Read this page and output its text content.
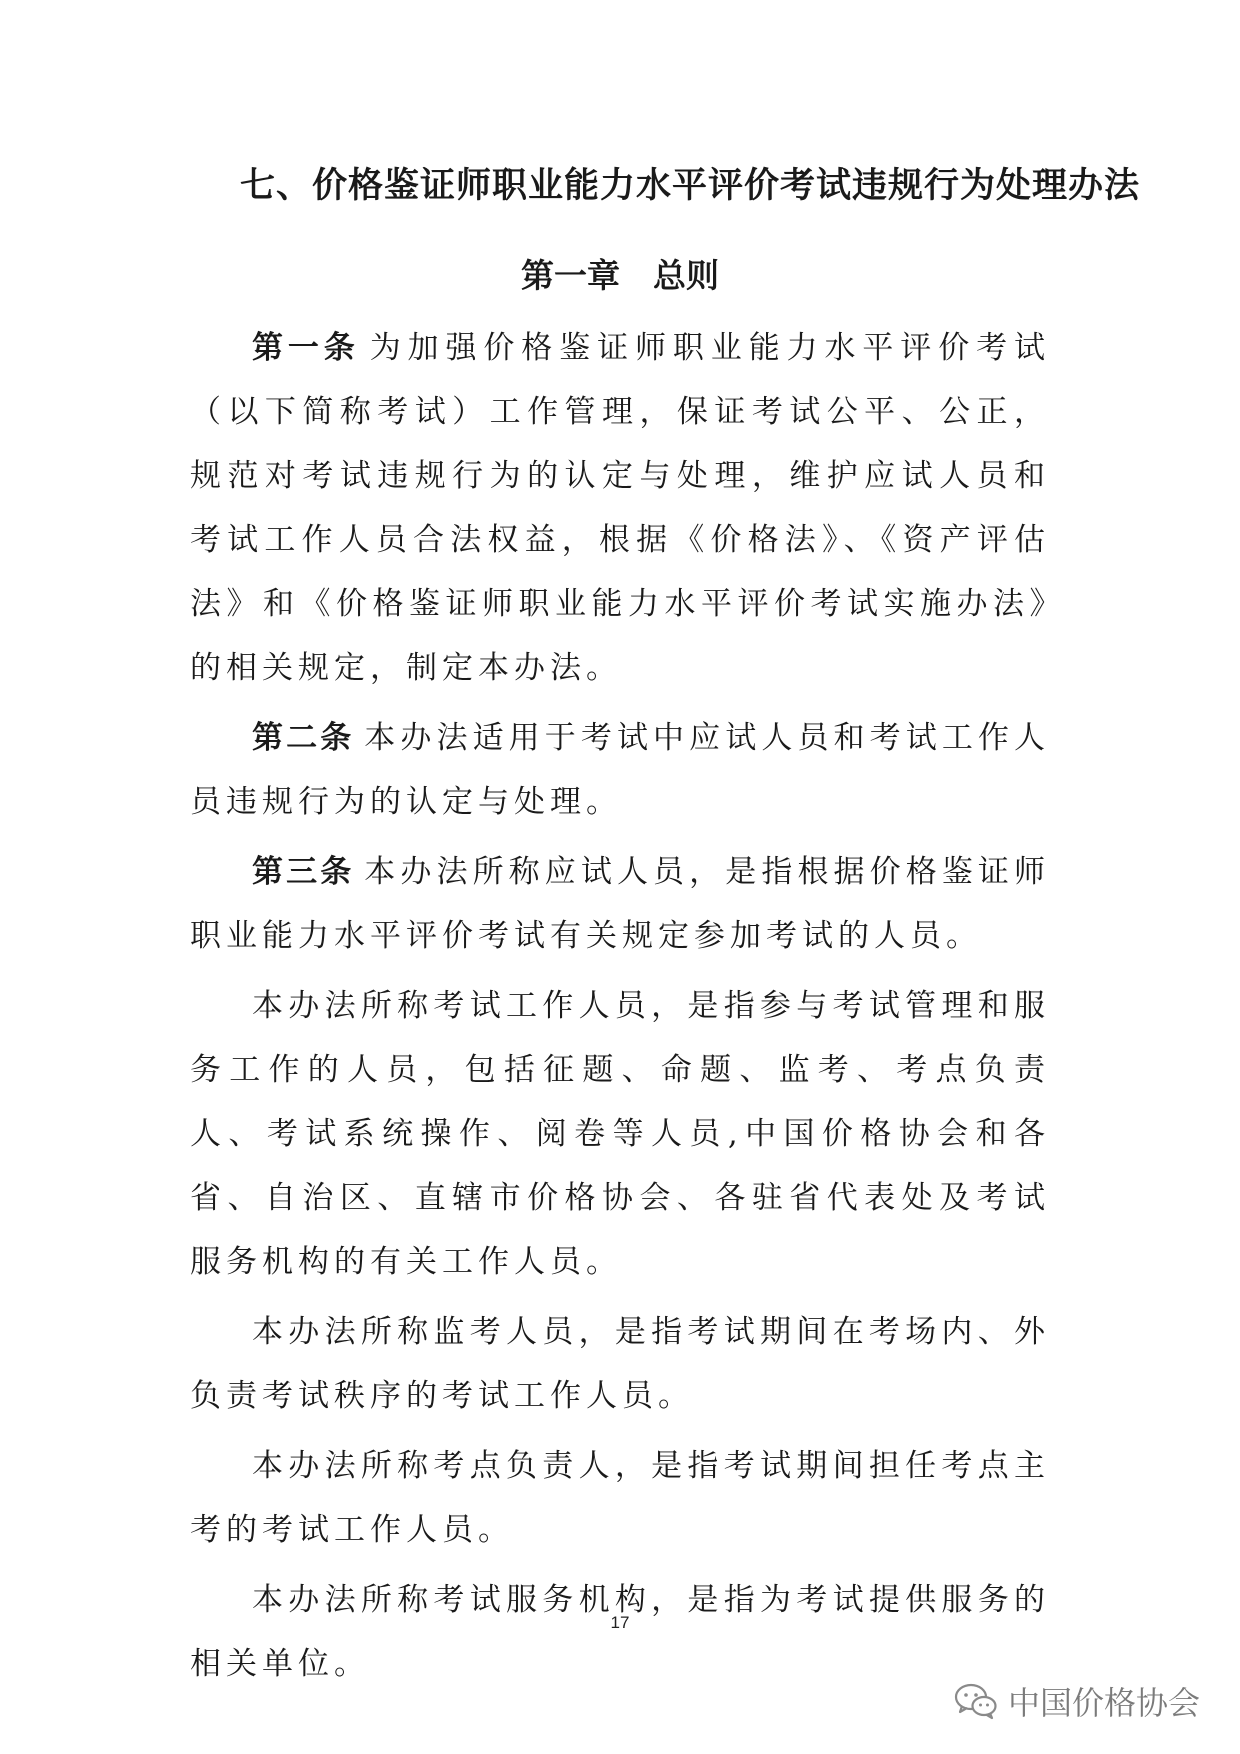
七、价格鉴证师职业能力水平评价考试违规行为处理办法
第一章　总则

第一条 为加强价格鉴证师职业能力水平评价考试（以下简称考试）工作管理，保证考试公平、公正，规范对考试违规行为的认定与处理，维护应试人员和考试工作人员合法权益，根据《价格法》、《资产评估法》和《价格鉴证师职业能力水平评价考试实施办法》的相关规定，制定本办法。

第二条 本办法适用于考试中应试人员和考试工作人员违规行为的认定与处理。

第三条 本办法所称应试人员，是指根据价格鉴证师职业能力水平评价考试有关规定参加考试的人员。

本办法所称考试工作人员，是指参与考试管理和服务工作的人员，包括征题、命题、监考、考点负责人、考试系统操作、阅卷等人员,中国价格协会和各省、自治区、直辖市价格协会、各驻省代表处及考试服务机构的有关工作人员。

本办法所称监考人员，是指考试期间在考场内、外负责考试秩序的考试工作人员。

本办法所称考点负责人，是指考试期间担任考点主考的考试工作人员。

本办法所称考试服务机构，是指为考试提供服务的相关单位。

17
中国价格协会
